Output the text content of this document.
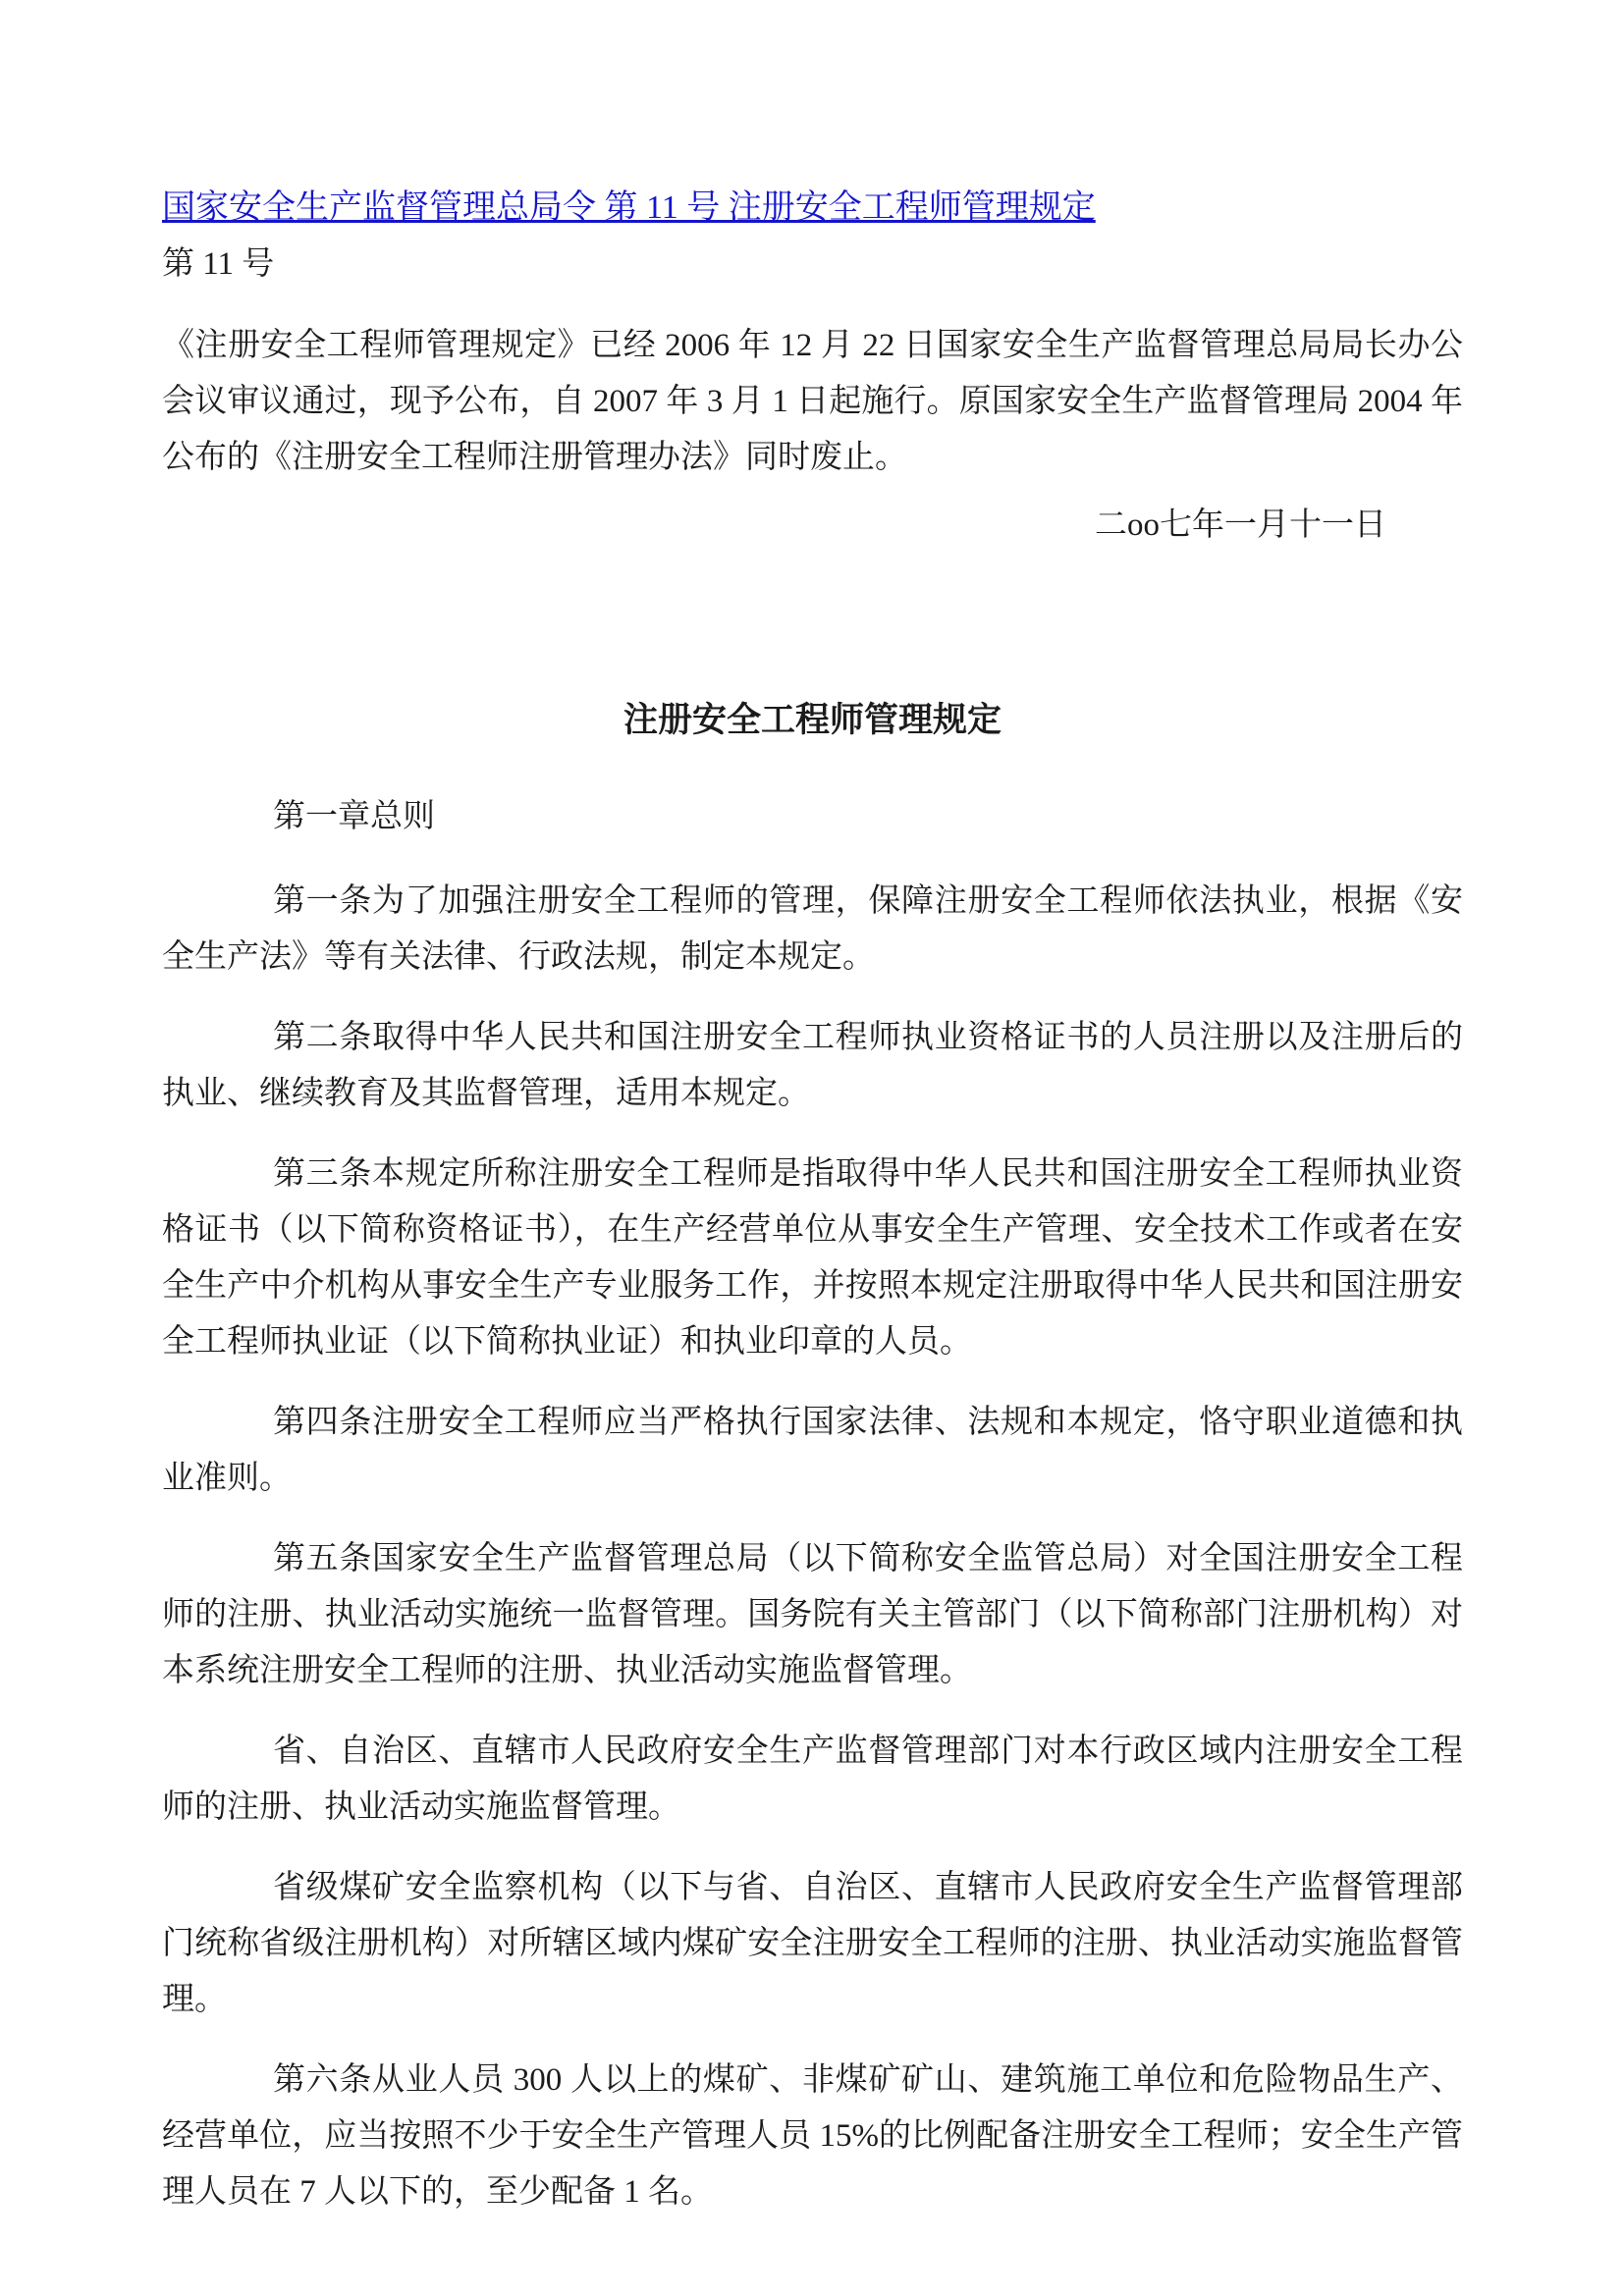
国家安全生产监督管理总局令 第 11 号 注册安全工程师管理规定

第 11 号

《注册安全工程师管理规定》已经 2006 年 12 月 22 日国家安全生产监督管理总局局长办公会议审议通过，现予公布，自 2007 年 3 月 1 日起施行。原国家安全生产监督管理局 2004 年公布的《注册安全工程师注册管理办法》同时废止。

二oo七年一月十一日

注册安全工程师管理规定

第一章总则

第一条为了加强注册安全工程师的管理，保障注册安全工程师依法执业，根据《安全生产法》等有关法律、行政法规，制定本规定。

第二条取得中华人民共和国注册安全工程师执业资格证书的人员注册以及注册后的执业、继续教育及其监督管理，适用本规定。

第三条本规定所称注册安全工程师是指取得中华人民共和国注册安全工程师执业资格证书（以下简称资格证书），在生产经营单位从事安全生产管理、安全技术工作或者在安全生产中介机构从事安全生产专业服务工作，并按照本规定注册取得中华人民共和国注册安全工程师执业证（以下简称执业证）和执业印章的人员。

第四条注册安全工程师应当严格执行国家法律、法规和本规定，恪守职业道德和执业准则。

第五条国家安全生产监督管理总局（以下简称安全监管总局）对全国注册安全工程师的注册、执业活动实施统一监督管理。国务院有关主管部门（以下简称部门注册机构）对本系统注册安全工程师的注册、执业活动实施监督管理。

省、自治区、直辖市人民政府安全生产监督管理部门对本行政区域内注册安全工程师的注册、执业活动实施监督管理。

省级煤矿安全监察机构（以下与省、自治区、直辖市人民政府安全生产监督管理部门统称省级注册机构）对所辖区域内煤矿安全注册安全工程师的注册、执业活动实施监督管理。

第六条从业人员 300 人以上的煤矿、非煤矿矿山、建筑施工单位和危险物品生产、经营单位，应当按照不少于安全生产管理人员 15%的比例配备注册安全工程师；安全生产管理人员在 7 人以下的，至少配备 1 名。
